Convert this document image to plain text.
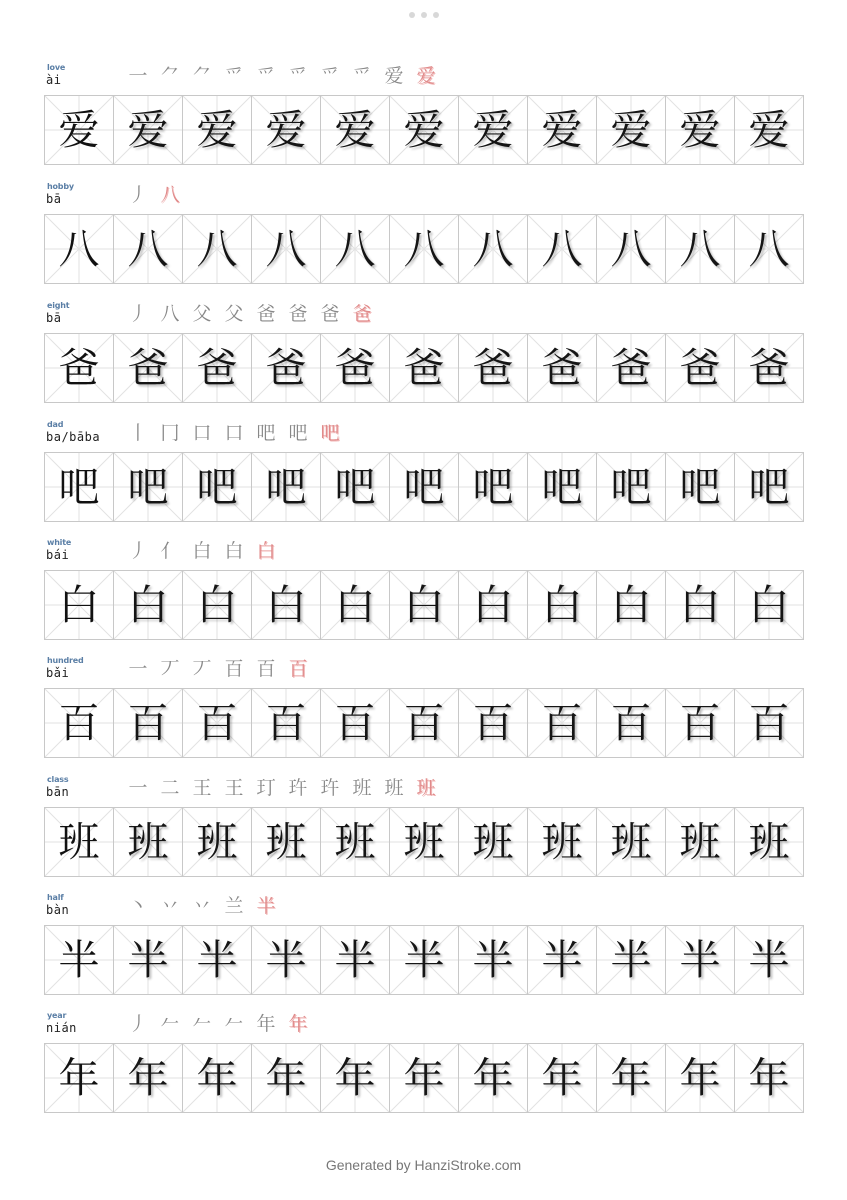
love
ài	一 ⺈ ⺈ 爫 爫 爫 爫 爫 爱 爱
爱 爱 爱 爱 爱 爱 爱 爱 爱 爱 爱
hobby
bā	丿 八
八 八 八 八 八 八 八 八 八 八 八
eight
bā	丿 八 父 父 爸 爸 爸 爸
爸 爸 爸 爸 爸 爸 爸 爸 爸 爸 爸
dad
ba/bāba	丨 冂 口 口 吧 吧 吧
吧 吧 吧 吧 吧 吧 吧 吧 吧 吧 吧
white
bái	丿 亻 白 白 白
白 白 白 白 白 白 白 白 白 白 白
hundred
bǎi	一 丆 丆 百 百 百
百 百 百 百 百 百 百 百 百 百 百
class
bān	一 二 王 王 玎 玝 玝 班 班 班
班 班 班 班 班 班 班 班 班 班 班
half
bàn	丶 丷 丷 兰 半
半 半 半 半 半 半 半 半 半 半 半
year
nián	丿 𠂉 𠂉 𠂉 年 年
年 年 年 年 年 年 年 年 年 年 年
Generated by HanziStroke.com
